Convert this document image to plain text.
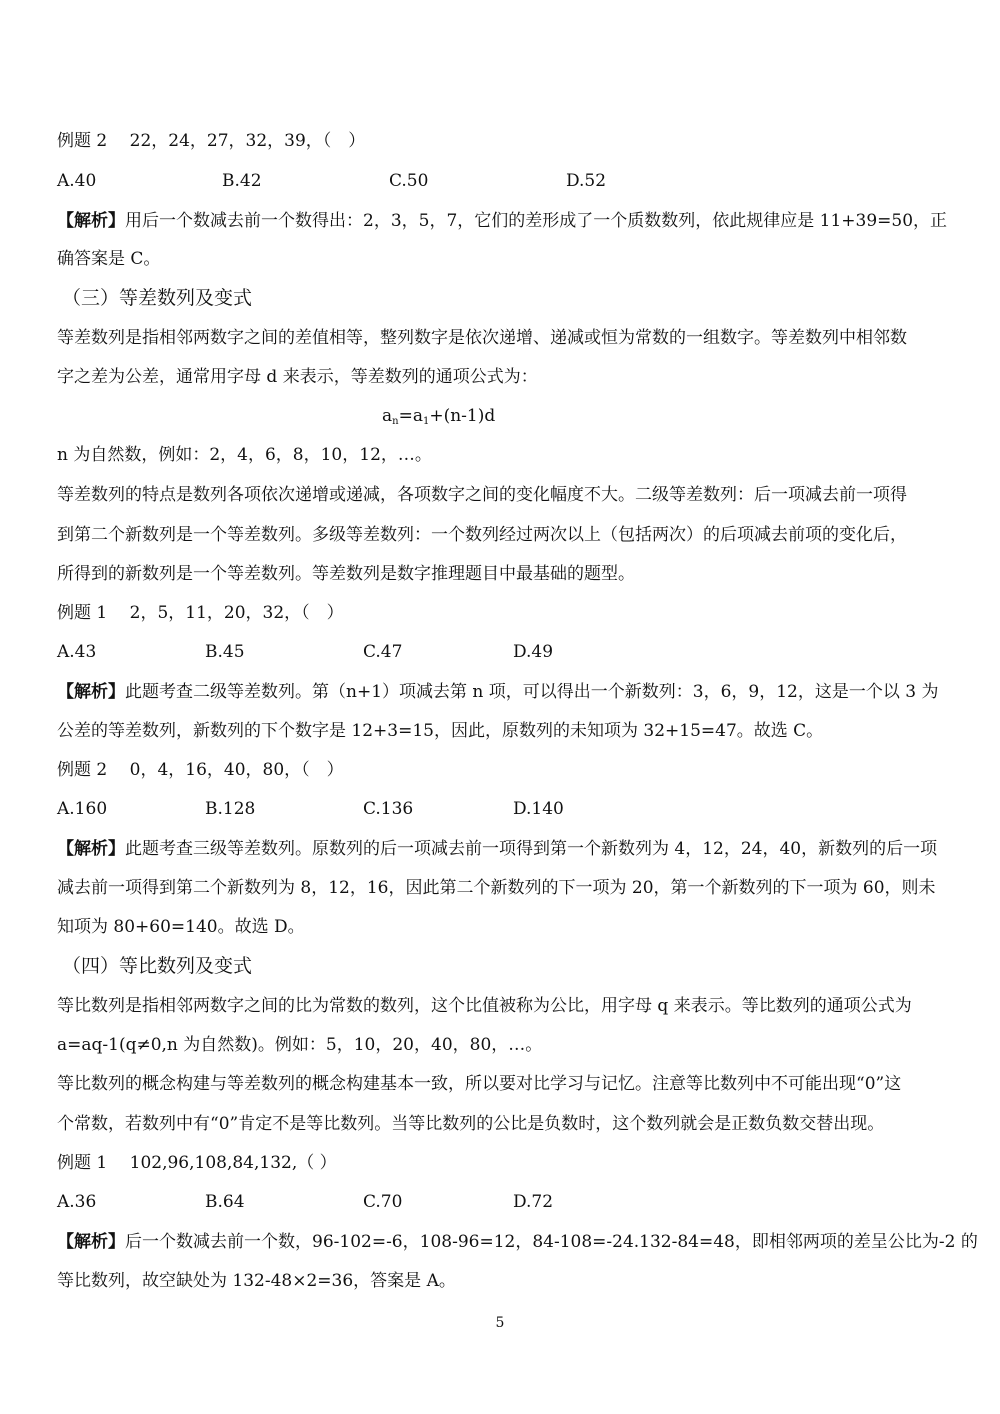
例题 2　 22，24，27，32，39，（　）
A.40	B.42	C.50	D.52
【解析】用后一个数减去前一个数得出：2，3，5，7，它们的差形成了一个质数数列，依此规律应是 11+39=50，正
确答案是 C。
（三）等差数列及变式
等差数列是指相邻两数字之间的差值相等，整列数字是依次递增、递减或恒为常数的一组数字。等差数列中相邻数
字之差为公差，通常用字母 d 来表示，等差数列的通项公式为：
$a_n=a_1+(n-1)d$
n 为自然数，例如：2，4，6，8，10，12，…。
等差数列的特点是数列各项依次递增或递减，各项数字之间的变化幅度不大。二级等差数列：后一项减去前一项得
到第二个新数列是一个等差数列。多级等差数列：一个数列经过两次以上（包括两次）的后项减去前项的变化后，
所得到的新数列是一个等差数列。等差数列是数字推理题目中最基础的题型。
例题 1　 2，5，11，20，32，（　）
A.43	B.45	C.47	D.49
【解析】此题考查二级等差数列。第（n+1）项减去第 n 项，可以得出一个新数列：3，6，9，12，这是一个以 3 为
公差的等差数列，新数列的下个数字是 12+3=15，因此，原数列的未知项为 32+15=47。故选 C。
例题 2　 0，4，16，40，80，（　）
A.160	B.128	C.136	D.140
【解析】此题考查三级等差数列。原数列的后一项减去前一项得到第一个新数列为 4，12，24，40，新数列的后一项
减去前一项得到第二个新数列为 8，12，16，因此第二个新数列的下一项为 20，第一个新数列的下一项为 60，则未
知项为 80+60=140。故选 D。
（四）等比数列及变式
等比数列是指相邻两数字之间的比为常数的数列，这个比值被称为公比，用字母 q 来表示。等比数列的通项公式为
a=aq-1(q≠0,n 为自然数)。例如：5，10，20，40，80，…。
等比数列的概念构建与等差数列的概念构建基本一致，所以要对比学习与记忆。注意等比数列中不可能出现“0”这
个常数，若数列中有“0”肯定不是等比数列。当等比数列的公比是负数时，这个数列就会是正数负数交替出现。
例题 1　 102,96,108,84,132,（ ）
A.36	B.64	C.70	D.72
【解析】后一个数减去前一个数，96-102=-6，108-96=12，84-108=-24.132-84=48，即相邻两项的差呈公比为-2 的
等比数列，故空缺处为 132-48×2=36，答案是 A。
5
